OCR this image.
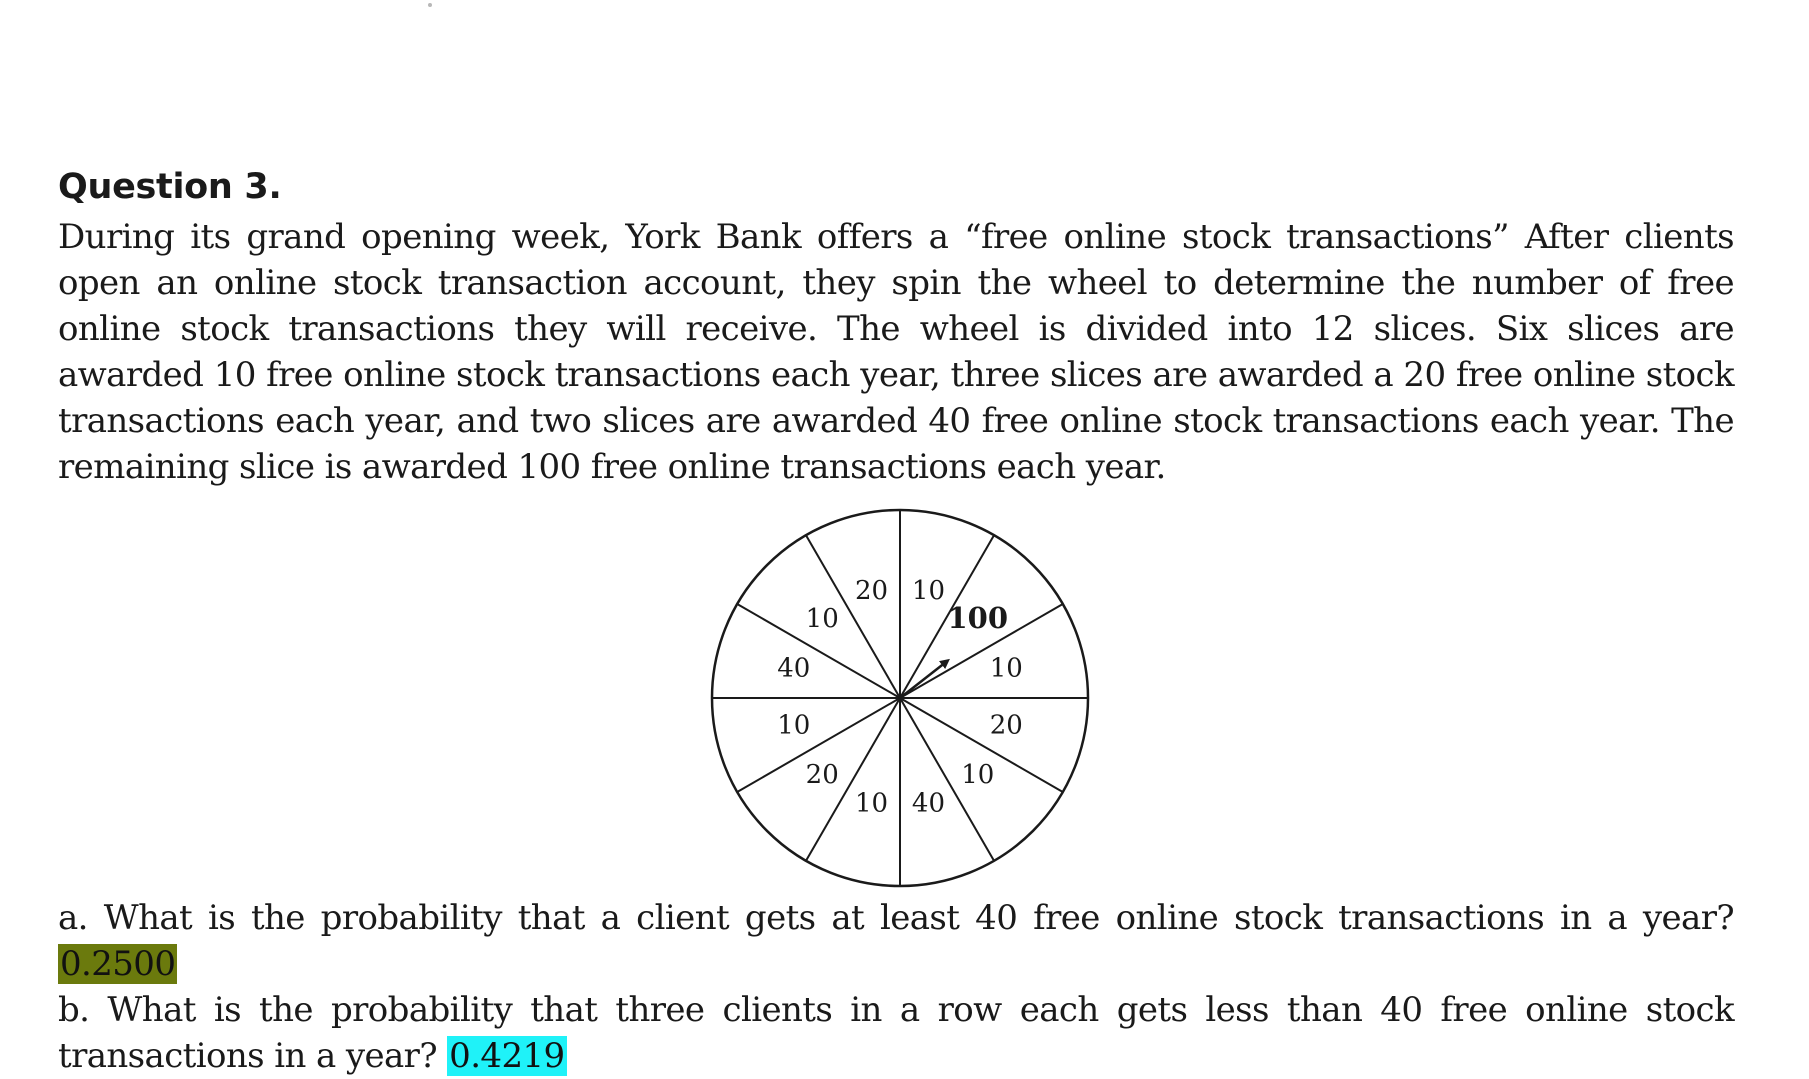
Question 3.

During its grand opening week, York Bank offers a “free online stock transactions” After clients open an online stock transaction account, they spin the wheel to determine the number of free online stock transactions they will receive. The wheel is divided into 12 slices. Six slices are awarded 10 free online stock transactions each year, three slices are awarded a 20 free online stock transactions each year, and two slices are awarded 40 free online stock transactions each year. The remaining slice is awarded 100 free online transactions each year.

10
100
10
20
10
40
10
20
10
40
10
20

a. What is the probability that a client gets at least 40 free online stock transactions in a year? 0.2500

b. What is the probability that three clients in a row each gets less than 40 free online stock transactions in a year? 0.4219
